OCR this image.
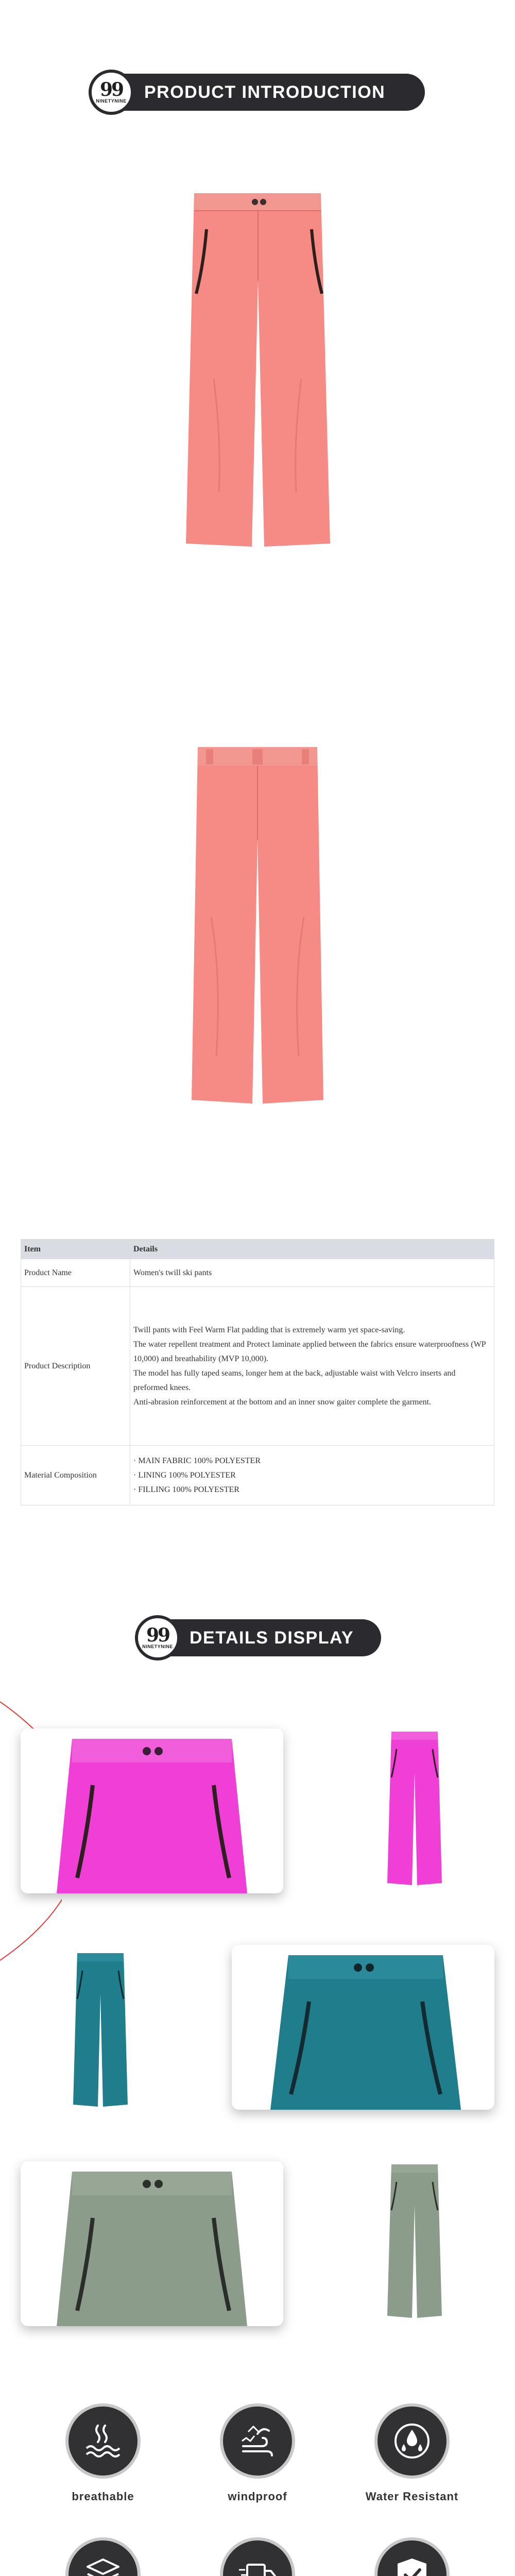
99
NINETYNINE PRODUCT INTRODUCTION
Item	Details
Product Name	Women's twill ski pants

Product Description	Twill pants with Feel Warm Flat padding that is extremely warm yet space-saving.
The water repellent treatment and Protect laminate applied between the fabrics ensure waterproofness (WP 10,000) and breathability (MVP 10,000).
The model has fully taped seams, longer hem at the back, adjustable waist with Velcro inserts and preformed knees.
Anti-abrasion reinforcement at the bottom and an inner snow gaiter complete the garment.

Material Composition	· MAIN FABRIC 100% POLYESTER
· LINING 100% POLYESTER
· FILLING 100% POLYESTER
99
NINETYNINE DETAILS DISPLAY
breathable	windproof	Water Resistant
